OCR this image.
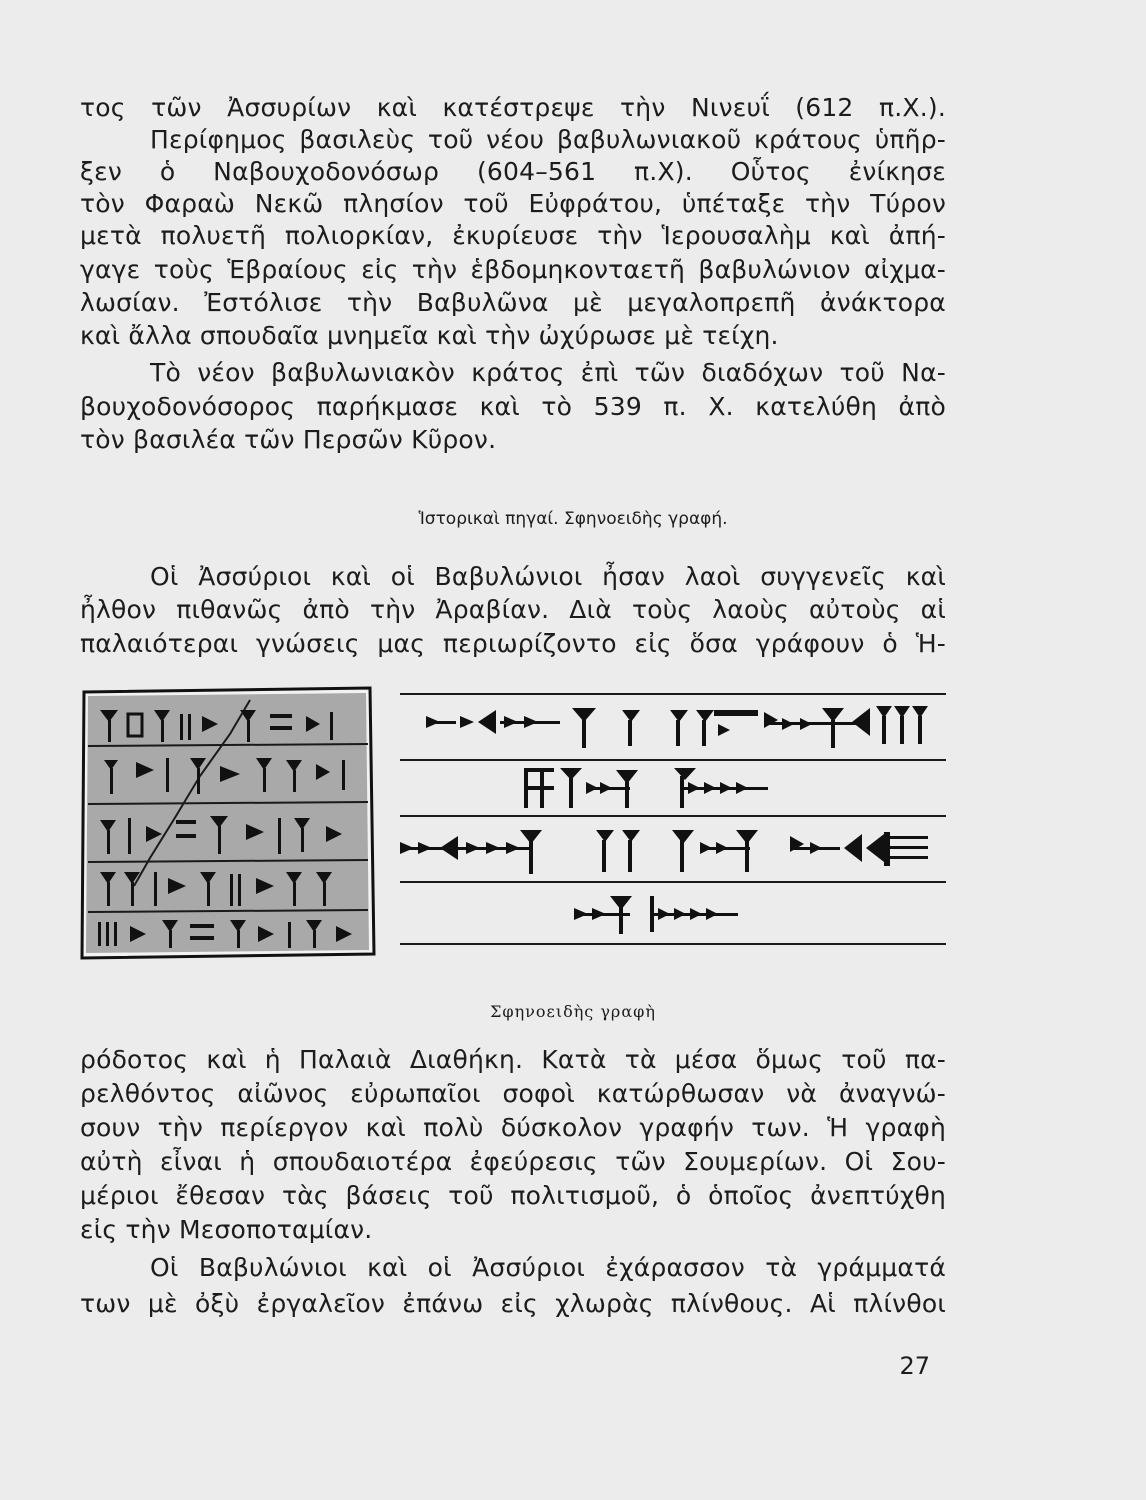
τος τῶν Ἀσσυρίων καὶ κατέστρεψε τὴν Νινευΐ (612 π.Χ.).
Περίφημος βασιλεὺς τοῦ νέου βαβυλωνιακοῦ κράτους ὑπῆρ-
ξεν ὁ Ναβουχοδονόσωρ (604–561 π.Χ). Οὗτος ἐνίκησε
τὸν Φαραὼ Νεκῶ πλησίον τοῦ Εὐφράτου, ὑπέταξε τὴν Τύρον
μετὰ πολυετῆ πολιορκίαν, ἐκυρίευσε τὴν Ἱερουσαλὴμ καὶ ἀπή-
γαγε τοὺς Ἑβραίους εἰς τὴν ἑβδομηκονταετῆ βαβυλώνιον αἰχμα-
λωσίαν. Ἐστόλισε τὴν Βαβυλῶνα μὲ μεγαλοπρεπῆ ἀνάκτορα
καὶ ἄλλα σπουδαῖα μνημεῖα καὶ τὴν ὠχύρωσε μὲ τείχη.
Τὸ νέον βαβυλωνιακὸν κράτος ἐπὶ τῶν διαδόχων τοῦ Να-
βουχοδονόσορος παρήκμασε καὶ τὸ 539 π. Χ. κατελύθη ἀπὸ
τὸν βασιλέα τῶν Περσῶν Κῦρον.
Ἱστορικαὶ πηγαί. Σφηνοειδὴς γραφή.
Οἱ Ἀσσύριοι καὶ οἱ Βαβυλώνιοι ἦσαν λαοὶ συγγενεῖς καὶ
ἦλθον πιθανῶς ἀπὸ τὴν Ἀραβίαν. Διὰ τοὺς λαοὺς αὐτοὺς αἱ
παλαιότεραι γνώσεις μας περιωρίζοντο εἰς ὅσα γράφουν ὁ Ἡ-
Σφηνοειδὴς γραφὴ
ρόδοτος καὶ ἡ Παλαιὰ Διαθήκη. Κατὰ τὰ μέσα ὅμως τοῦ πα-
ρελθόντος αἰῶνος εὐρωπαῖοι σοφοὶ κατώρθωσαν νὰ ἀναγνώ-
σουν τὴν περίεργον καὶ πολὺ δύσκολον γραφήν των. Ἡ γραφὴ
αὐτὴ εἶναι ἡ σπουδαιοτέρα ἐφεύρεσις τῶν Σουμερίων. Οἱ Σου-
μέριοι ἔθεσαν τὰς βάσεις τοῦ πολιτισμοῦ, ὁ ὁποῖος ἀνεπτύχθη
εἰς τὴν Μεσοποταμίαν.
Οἱ Βαβυλώνιοι καὶ οἱ Ἀσσύριοι ἐχάρασσον τὰ γράμματά
των μὲ ὀξὺ ἐργαλεῖον ἐπάνω εἰς χλωρὰς πλίνθους. Αἱ πλίνθοι
27
